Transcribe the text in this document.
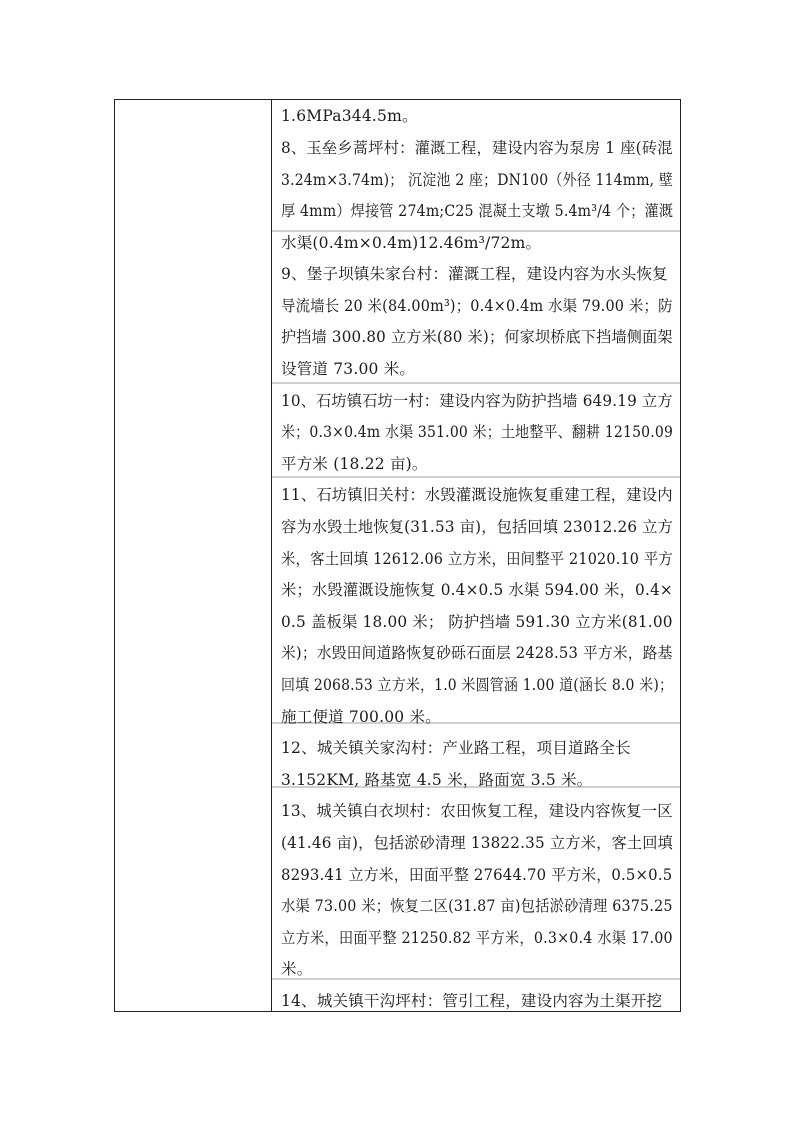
1.6MPa344.5m。
8、玉垒乡蒿坪村：灌溉工程，建设内容为泵房 1 座(砖混
3.24m×3.74m)； 沉淀池 2 座；DN100（外径 114mm, 壁
厚 4mm）焊接管 274m;C25 混凝土支墩 5.4m³/4 个；灌溉
水渠(0.4m×0.4m)12.46m³/72m。
9、堡子坝镇朱家台村：灌溉工程，建设内容为水头恢复
导流墙长 20 米(84.00m³)；0.4×0.4m 水渠 79.00 米；防
护挡墙 300.80 立方米(80 米)；何家坝桥底下挡墙侧面架
设管道 73.00 米。
10、石坊镇石坊一村：建设内容为防护挡墙 649.19 立方
米；0.3×0.4m 水渠 351.00 米；土地整平、翻耕 12150.09
平方米 (18.22 亩)。
11、石坊镇旧关村：水毁灌溉设施恢复重建工程，建设内
容为水毁土地恢复(31.53 亩)，包括回填 23012.26 立方
米，客土回填 12612.06 立方米，田间整平 21020.10 平方
米；水毁灌溉设施恢复 0.4×0.5 水渠 594.00 米，0.4×
0.5 盖板渠 18.00 米； 防护挡墙 591.30 立方米(81.00
米)；水毁田间道路恢复砂砾石面层 2428.53 平方米，路基
回填 2068.53 立方米，1.0 米圆管涵 1.00 道(涵长 8.0 米)；
施工便道 700.00 米。
12、城关镇关家沟村：产业路工程，项目道路全长
3.152KM, 路基宽 4.5 米，路面宽 3.5 米。
13、城关镇白衣坝村：农田恢复工程，建设内容恢复一区
(41.46 亩)，包括淤砂清理 13822.35 立方米，客土回填
8293.41 立方米，田面平整 27644.70 平方米，0.5×0.5
水渠 73.00 米；恢复二区(31.87 亩)包括淤砂清理 6375.25
立方米，田面平整 21250.82 平方米，0.3×0.4 水渠 17.00
米。
14、城关镇干沟坪村：管引工程，建设内容为土渠开挖
